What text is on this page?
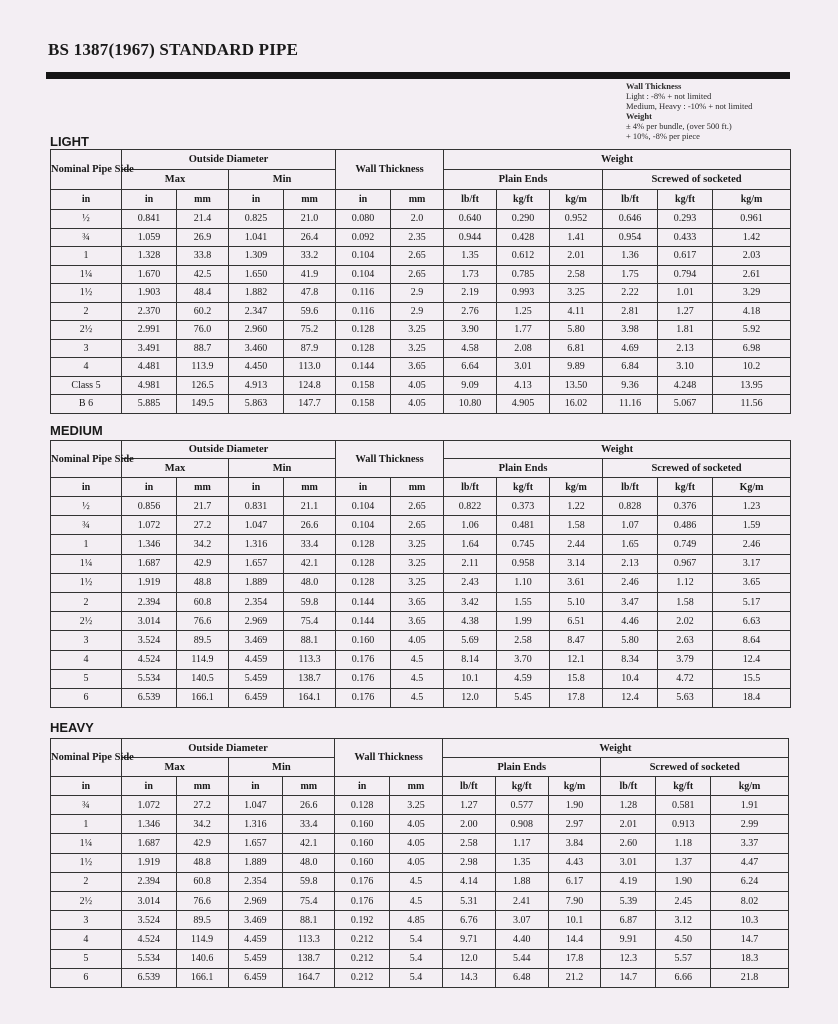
BS 1387(1967) STANDARD PIPE
Wall Thickness
Light : -8% + not limited
Medium, Heavy : -10% + not limited
Weight
± 4% per bundle, (over 500 ft.)
+ 10%, -8% per piece
LIGHT
Nominal Pipe Side	Outside Diameter				Wall Thickness		Weight					
	Max		Min				Plain Ends			Screwed of socketed		
in	in	mm	in	mm	in	mm	lb/ft	kg/ft	kg/m	lb/ft	kg/ft	kg/m
½	0.841	21.4	0.825	21.0	0.080	2.0	0.640	0.290	0.952	0.646	0.293	0.961
¾	1.059	26.9	1.041	26.4	0.092	2.35	0.944	0.428	1.41	0.954	0.433	1.42
1	1.328	33.8	1.309	33.2	0.104	2.65	1.35	0.612	2.01	1.36	0.617	2.03
1¼	1.670	42.5	1.650	41.9	0.104	2.65	1.73	0.785	2.58	1.75	0.794	2.61
1½	1.903	48.4	1.882	47.8	0.116	2.9	2.19	0.993	3.25	2.22	1.01	3.29
2	2.370	60.2	2.347	59.6	0.116	2.9	2.76	1.25	4.11	2.81	1.27	4.18
2½	2.991	76.0	2.960	75.2	0.128	3.25	3.90	1.77	5.80	3.98	1.81	5.92
3	3.491	88.7	3.460	87.9	0.128	3.25	4.58	2.08	6.81	4.69	2.13	6.98
4	4.481	113.9	4.450	113.0	0.144	3.65	6.64	3.01	9.89	6.84	3.10	10.2
Class 5	4.981	126.5	4.913	124.8	0.158	4.05	9.09	4.13	13.50	9.36	4.248	13.95
B 6	5.885	149.5	5.863	147.7	0.158	4.05	10.80	4.905	16.02	11.16	5.067	11.56
MEDIUM
Nominal Pipe Side	Outside Diameter				Wall Thickness		Weight					
	Max		Min				Plain Ends			Screwed of socketed		
in	in	mm	in	mm	in	mm	lb/ft	kg/ft	kg/m	lb/ft	kg/ft	Kg/m
½	0.856	21.7	0.831	21.1	0.104	2.65	0.822	0.373	1.22	0.828	0.376	1.23
¾	1.072	27.2	1.047	26.6	0.104	2.65	1.06	0.481	1.58	1.07	0.486	1.59
1	1.346	34.2	1.316	33.4	0.128	3.25	1.64	0.745	2.44	1.65	0.749	2.46
1¼	1.687	42.9	1.657	42.1	0.128	3.25	2.11	0.958	3.14	2.13	0.967	3.17
1½	1.919	48.8	1.889	48.0	0.128	3.25	2.43	1.10	3.61	2.46	1.12	3.65
2	2.394	60.8	2.354	59.8	0.144	3.65	3.42	1.55	5.10	3.47	1.58	5.17
2½	3.014	76.6	2.969	75.4	0.144	3.65	4.38	1.99	6.51	4.46	2.02	6.63
3	3.524	89.5	3.469	88.1	0.160	4.05	5.69	2.58	8.47	5.80	2.63	8.64
4	4.524	114.9	4.459	113.3	0.176	4.5	8.14	3.70	12.1	8.34	3.79	12.4
5	5.534	140.5	5.459	138.7	0.176	4.5	10.1	4.59	15.8	10.4	4.72	15.5
6	6.539	166.1	6.459	164.1	0.176	4.5	12.0	5.45	17.8	12.4	5.63	18.4
HEAVY
Nominal Pipe Side	Outside Diameter				Wall Thickness		Weight					
	Max		Min				Plain Ends			Screwed of socketed		
in	in	mm	in	mm	in	mm	lb/ft	kg/ft	kg/m	lb/ft	kg/ft	kg/m
¾	1.072	27.2	1.047	26.6	0.128	3.25	1.27	0.577	1.90	1.28	0.581	1.91
1	1.346	34.2	1.316	33.4	0.160	4.05	2.00	0.908	2.97	2.01	0.913	2.99
1¼	1.687	42.9	1.657	42.1	0.160	4.05	2.58	1.17	3.84	2.60	1.18	3.37
1½	1.919	48.8	1.889	48.0	0.160	4.05	2.98	1.35	4.43	3.01	1.37	4.47
2	2.394	60.8	2.354	59.8	0.176	4.5	4.14	1.88	6.17	4.19	1.90	6.24
2½	3.014	76.6	2.969	75.4	0.176	4.5	5.31	2.41	7.90	5.39	2.45	8.02
3	3.524	89.5	3.469	88.1	0.192	4.85	6.76	3.07	10.1	6.87	3.12	10.3
4	4.524	114.9	4.459	113.3	0.212	5.4	9.71	4.40	14.4	9.91	4.50	14.7
5	5.534	140.6	5.459	138.7	0.212	5.4	12.0	5.44	17.8	12.3	5.57	18.3
6	6.539	166.1	6.459	164.7	0.212	5.4	14.3	6.48	21.2	14.7	6.66	21.8
